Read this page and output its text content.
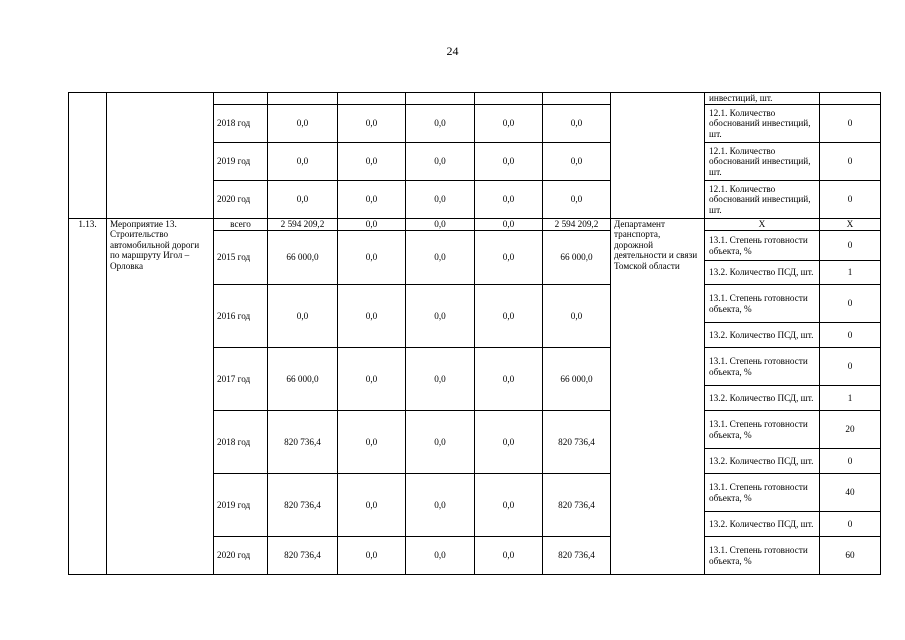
24
									инвестиций, шт.	
		2018 год	0,0	0,0	0,0	0,0	0,0		12.1. Количество обоснований инвестиций, шт.	0
		2019 год	0,0	0,0	0,0	0,0	0,0		12.1. Количество обоснований инвестиций, шт.	0
		2020 год	0,0	0,0	0,0	0,0	0,0		12.1. Количество обоснований инвестиций, шт.	0
1.13.	Мероприятие 13. Строительство автомобильной дороги по маршруту Игол – Орловка	всего	2 594 209,2	0,0	0,0	0,0	2 594 209,2	Департамент транспорта, дорожной деятельности и связи Томской области	Х	Х
		2015 год	66 000,0	0,0	0,0	0,0	66 000,0		13.1. Степень готовности объекта, %	0
									13.2. Количество ПСД, шт.	1
		2016 год	0,0	0,0	0,0	0,0	0,0		13.1. Степень готовности объекта, %	0
									13.2. Количество ПСД, шт.	0
		2017 год	66 000,0	0,0	0,0	0,0	66 000,0		13.1. Степень готовности объекта, %	0
									13.2. Количество ПСД, шт.	1
		2018 год	820 736,4	0,0	0,0	0,0	820 736,4		13.1. Степень готовности объекта, %	20
									13.2. Количество ПСД, шт.	0
		2019 год	820 736,4	0,0	0,0	0,0	820 736,4		13.1. Степень готовности объекта, %	40
									13.2. Количество ПСД, шт.	0
		2020 год	820 736,4	0,0	0,0	0,0	820 736,4		13.1. Степень готовности объекта, %	60
